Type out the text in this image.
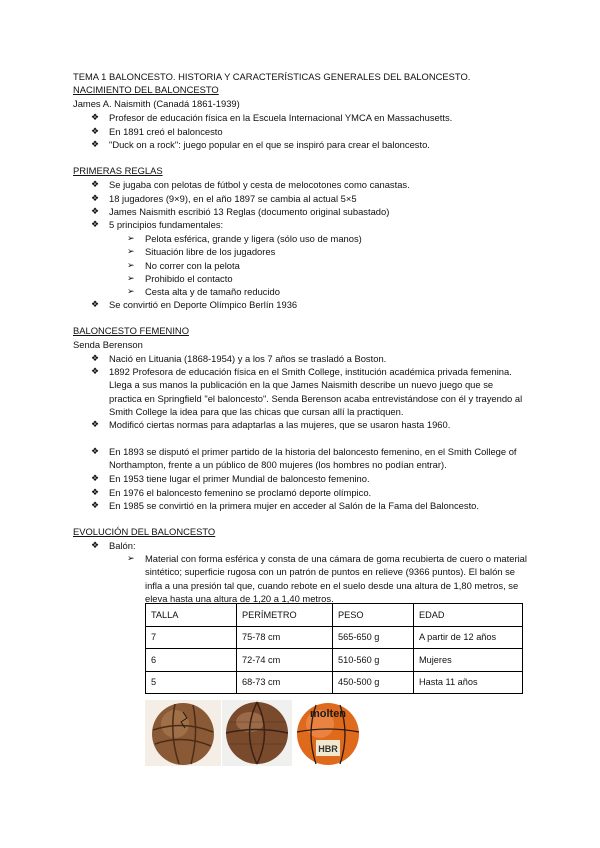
TEMA 1 BALONCESTO. HISTORIA Y CARACTERÍSTICAS GENERALES DEL BALONCESTO.
NACIMIENTO DEL BALONCESTO
James A. Naismith (Canadá 1861-1939)
❖ Profesor de educación física en la Escuela Internacional YMCA en Massachusetts.
❖ En 1891 creó el baloncesto
❖ "Duck on a rock": juego popular en el que se inspiró para crear el baloncesto.
PRIMERAS REGLAS
❖ Se jugaba con pelotas de fútbol y cesta de melocotones como canastas.
❖ 18 jugadores (9×9), en el año 1897 se cambia al actual 5×5
❖ James Naismith escribió 13 Reglas (documento original subastado)
❖ 5 principios fundamentales:
➢	Pelota esférica, grande y ligera (sólo uso de manos)
➢	Situación libre de los jugadores
➢	No correr con la pelota
➢	Prohibido el contacto
➢	Cesta alta y de tamaño reducido
❖ Se convirtió en Deporte Olímpico Berlín 1936
BALONCESTO FEMENINO
Senda Berenson
❖ Nació en Lituania (1868-1954) y a los 7 años se trasladó a Boston.
❖ 1892 Profesora de educación física en el Smith College, institución académica privada femenina. Llega a sus manos la publicación en la que James Naismith describe un nuevo juego que se practica en Springfield "el baloncesto". Senda Berenson acaba entrevistándose con él y trayendo al Smith College la idea para que las chicas que cursan allí la practiquen.
❖ Modificó ciertas normas para adaptarlas a las mujeres, que se usaron hasta 1960.
❖ En 1893 se disputó el primer partido de la historia del baloncesto femenino, en el Smith College of Northampton, frente a un público de 800 mujeres (los hombres no podían entrar).
❖ En 1953 tiene lugar el primer Mundial de baloncesto femenino.
❖ En 1976 el baloncesto femenino se proclamó deporte olímpico.
❖ En 1985 se convirtió en la primera mujer en acceder al Salón de la Fama del Baloncesto.
EVOLUCIÓN DEL BALONCESTO
❖ Balón:
➢	Material con forma esférica y consta de una cámara de goma recubierta de cuero o material sintético; superficie rugosa con un patrón de puntos en relieve (9366 puntos). El balón se infla a una presión tal que, cuando rebote en el suelo desde una altura de 1,80 metros, se eleva hasta una altura de 1,20 a 1,40 metros.
TALLA	PERÍMETRO	PESO	EDAD
7	75-78 cm	565-650 g	A partir de 12 años
6	72-74 cm	510-560 g	Mujeres
5	68-73 cm	450-500 g	Hasta 11 años
molten
HBR
